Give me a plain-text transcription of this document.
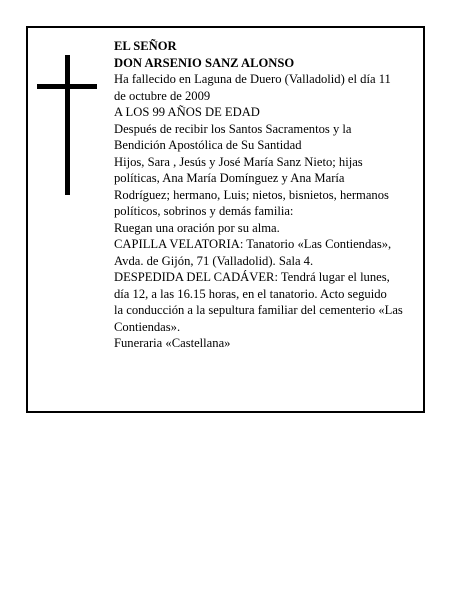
EL SEÑOR
DON ARSENIO SANZ ALONSO
Ha fallecido en Laguna de Duero (Valladolid) el día 11
de octubre de 2009
A LOS 99 AÑOS DE EDAD
Después de recibir los Santos Sacramentos y la
Bendición Apostólica de Su Santidad
Hijos, Sara , Jesús y José María Sanz Nieto; hijas
políticas, Ana María Domínguez y Ana María
Rodríguez; hermano, Luis; nietos, bisnietos, hermanos
políticos, sobrinos y demás familia:
Ruegan una oración por su alma.
CAPILLA VELATORIA: Tanatorio «Las Contiendas»,
Avda. de Gijón, 71 (Valladolid). Sala 4.
DESPEDIDA DEL CADÁVER: Tendrá lugar el lunes,
día 12, a las 16.15 horas, en el tanatorio. Acto seguido
la conducción a la sepultura familiar del cementerio «Las
Contiendas».
Funeraria «Castellana»
